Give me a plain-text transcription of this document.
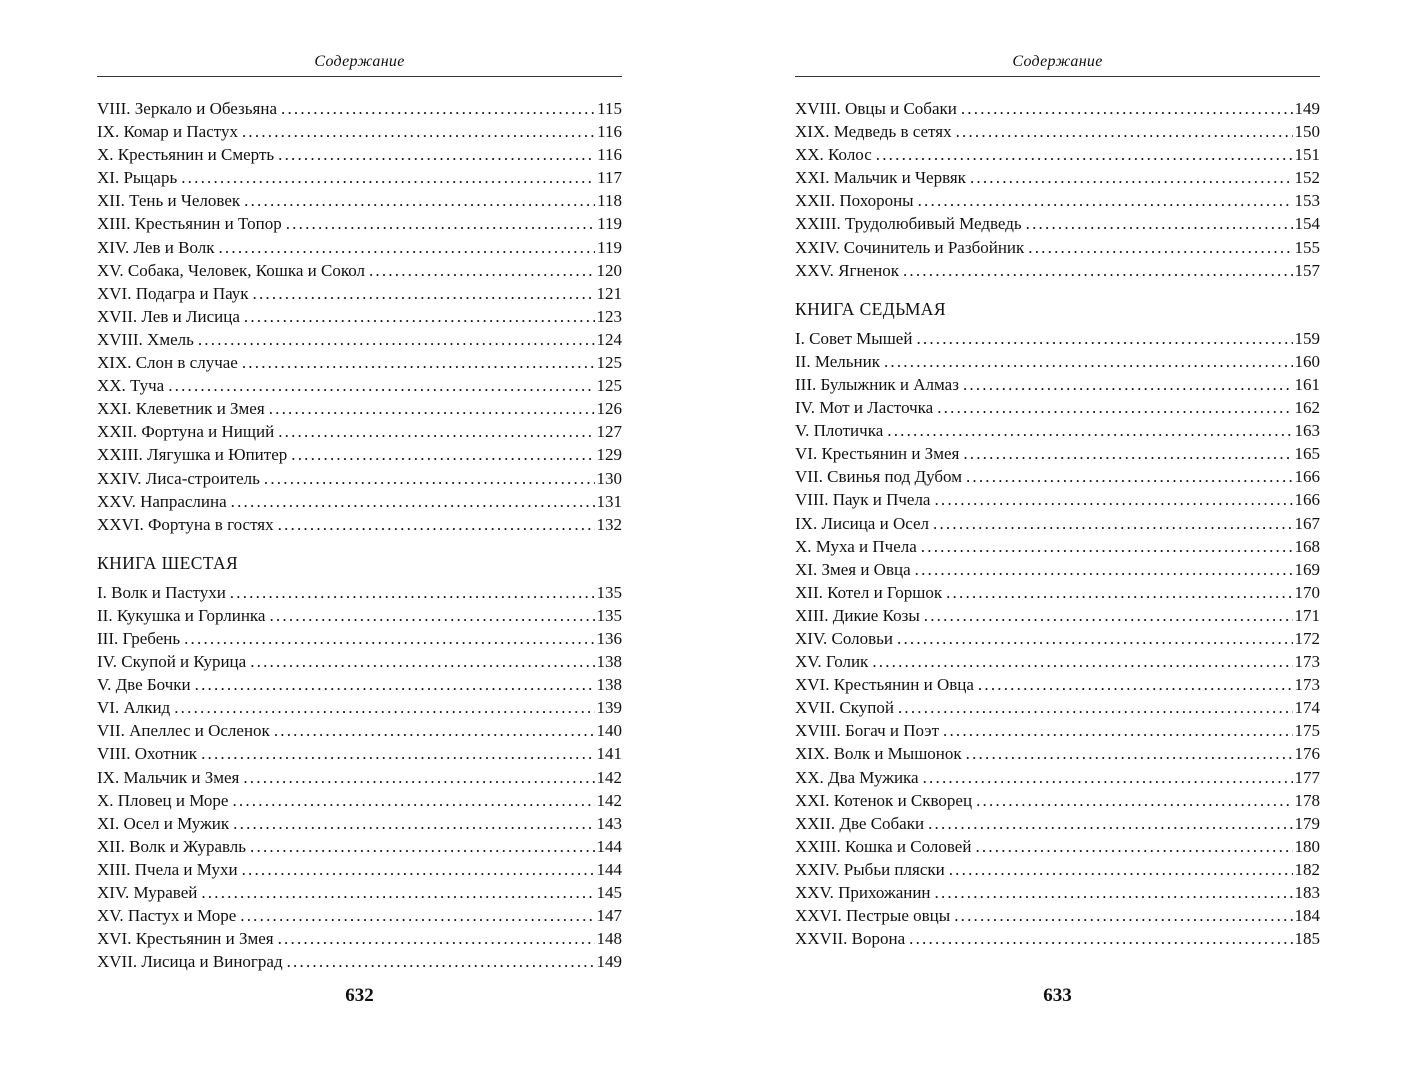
Содержание
VIII. Зеркало и Обезьяна .....	115
IX. Комар и Пастух .....	116
X. Крестьянин и Смерть .....	116
XI. Рыцарь .....	117
XII. Тень и Человек .....	118
XIII. Крестьянин и Топор .....	119
XIV. Лев и Волк .....	119
XV. Собака, Человек, Кошка и Сокол .....	120
XVI. Подагра и Паук .....	121
XVII. Лев и Лисица .....	123
XVIII. Хмель .....	124
XIX. Слон в случае .....	125
XX. Туча .....	125
XXI. Клеветник и Змея .....	126
XXII. Фортуна и Нищий .....	127
XXIII. Лягушка и Юпитер .....	129
XXIV. Лиса-строитель .....	130
XXV. Напраслина .....	131
XXVI. Фортуна в гостях .....	132
КНИГА ШЕСТАЯ
I. Волк и Пастухи .....	135
II. Кукушка и Горлинка .....	135
III. Гребень .....	136
IV. Скупой и Курица .....	138
V. Две Бочки .....	138
VI. Алкид .....	139
VII. Апеллес и Осленок .....	140
VIII. Охотник .....	141
IX. Мальчик и Змея .....	142
X. Пловец и Море .....	142
XI. Осел и Мужик .....	143
XII. Волк и Журавль .....	144
XIII. Пчела и Мухи .....	144
XIV. Муравей .....	145
XV. Пастух и Море .....	147
XVI. Крестьянин и Змея .....	148
XVII. Лисица и Виноград .....	149
632
Содержание
XVIII. Овцы и Собаки .....	149
XIX. Медведь в сетях .....	150
XX. Колос .....	151
XXI. Мальчик и Червяк .....	152
XXII. Похороны .....	153
XXIII. Трудолюбивый Медведь .....	154
XXIV. Сочинитель и Разбойник .....	155
XXV. Ягненок .....	157
КНИГА СЕДЬМАЯ
I. Совет Мышей .....	159
II. Мельник .....	160
III. Булыжник и Алмаз .....	161
IV. Мот и Ласточка .....	162
V. Плотичка .....	163
VI. Крестьянин и Змея .....	165
VII. Свинья под Дубом .....	166
VIII. Паук и Пчела .....	166
IX. Лисица и Осел .....	167
X. Муха и Пчела .....	168
XI. Змея и Овца .....	169
XII. Котел и Горшок .....	170
XIII. Дикие Козы .....	171
XIV. Соловьи .....	172
XV. Голик .....	173
XVI. Крестьянин и Овца .....	173
XVII. Скупой .....	174
XVIII. Богач и Поэт .....	175
XIX. Волк и Мышонок .....	176
XX. Два Мужика .....	177
XXI. Котенок и Скворец .....	178
XXII. Две Собаки .....	179
XXIII. Кошка и Соловей .....	180
XXIV. Рыбьи пляски .....	182
XXV. Прихожанин .....	183
XXVI. Пестрые овцы .....	184
XXVII. Ворона .....	185
633
